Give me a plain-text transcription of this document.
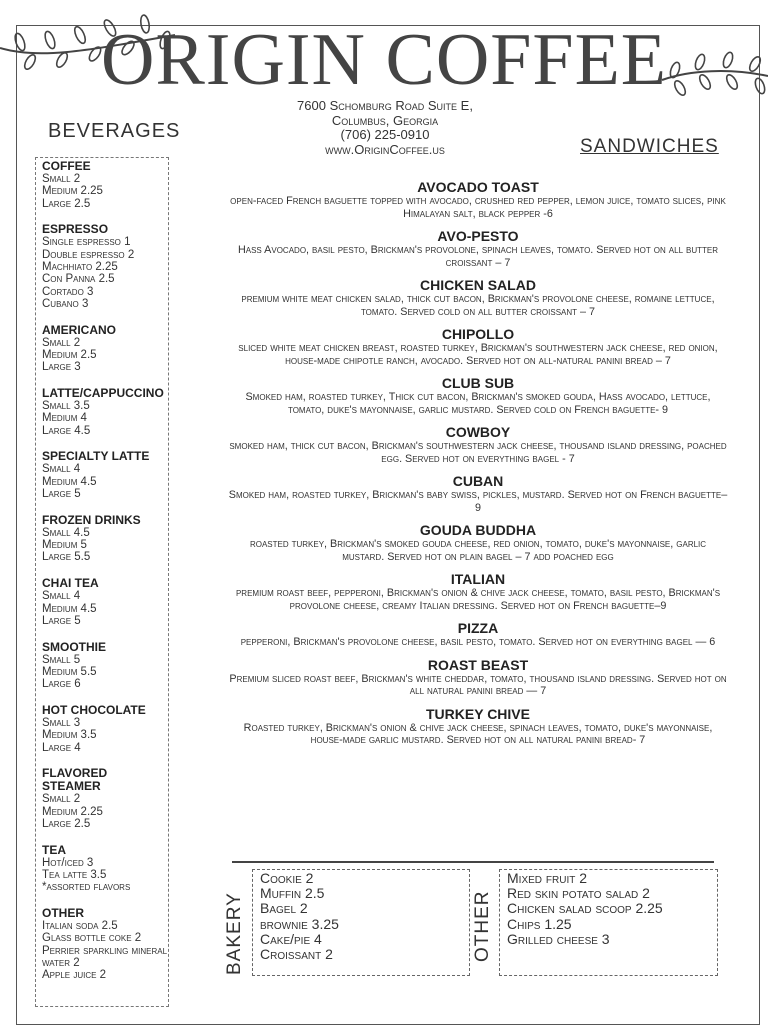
ORIGIN COFFEE
7600 Schomburg Road Suite E,
Columbus, Georgia
(706) 225-0910
www.OriginCoffee.us
BEVERAGES
SANDWICHES
COFFEE
Small 2
Medium 2.25
Large 2.5
ESPRESSO
Single espresso 1
Double espresso 2
Machhiato 2.25
Con Panna 2.5
Cortado 3
Cubano 3
AMERICANO
Small 2
Medium 2.5
Large 3
LATTE/CAPPUCCINO
Small 3.5
Medium 4
Large 4.5
SPECIALTY LATTE
Small 4
Medium 4.5
Large 5
FROZEN DRINKS
Small 4.5
Medium 5
Large 5.5
CHAI TEA
Small 4
Medium 4.5
Large 5
SMOOTHIE
Small 5
Medium 5.5
Large 6
HOT CHOCOLATE
Small 3
Medium 3.5
Large 4
FLAVORED STEAMER
Small 2
Medium 2.25
Large 2.5
TEA
Hot/iced 3
Tea latte 3.5
*assorted flavors
OTHER
Italian soda 2.5
Glass bottle coke 2
Perrier sparkling mineral
water 2
Apple juice 2
AVOCADO TOAST
open-faced French baguette topped with avocado, crushed red pepper, lemon juice, tomato slices, pink Himalayan salt, black pepper -6
AVO-PESTO
Hass Avocado, basil pesto, Brickman's provolone, spinach leaves, tomato. Served hot on all butter croissant – 7
CHICKEN SALAD
premium white meat chicken salad, thick cut bacon, Brickman's provolone cheese, romaine lettuce, tomato. Served cold on all butter croissant – 7
CHIPOLLO
sliced white meat chicken breast, roasted turkey, Brickman's southwestern jack cheese, red onion, house-made chipotle ranch, avocado. Served hot on all-natural panini bread – 7
CLUB SUB
Smoked ham, roasted turkey, Thick cut bacon, Brickman's smoked gouda, Hass avocado, lettuce, tomato, duke's mayonnaise, garlic mustard. Served cold on French baguette- 9
COWBOY
smoked ham, thick cut bacon, Brickman's southwestern jack cheese, thousand island dressing, poached egg. Served hot on everything bagel - 7
CUBAN
Smoked ham, roasted turkey, Brickman's baby swiss, pickles, mustard. Served hot on French baguette–9
GOUDA BUDDHA
roasted turkey, Brickman's smoked gouda cheese, red onion, tomato, duke's mayonnaise, garlic mustard. Served hot on plain bagel – 7 add poached egg
ITALIAN
premium roast beef, pepperoni, Brickman's onion & chive jack cheese, tomato, basil pesto, Brickman's provolone cheese, creamy Italian dressing. Served hot on French baguette–9
PIZZA
pepperoni, Brickman's provolone cheese, basil pesto, tomato. Served hot on everything bagel — 6
ROAST BEAST
Premium sliced roast beef, Brickman's white cheddar, tomato, thousand island dressing. Served hot on all natural panini bread — 7
TURKEY CHIVE
Roasted turkey, Brickman's onion & chive jack cheese, spinach leaves, tomato, duke's mayonnaise, house-made garlic mustard. Served hot on all natural panini bread- 7
BAKERY
Cookie 2
Muffin 2.5
Bagel 2
brownie 3.25
Cake/pie 4
Croissant 2	OTHER
Mixed fruit 2
Red skin potato salad 2
Chicken salad scoop 2.25
Chips 1.25
Grilled cheese 3
